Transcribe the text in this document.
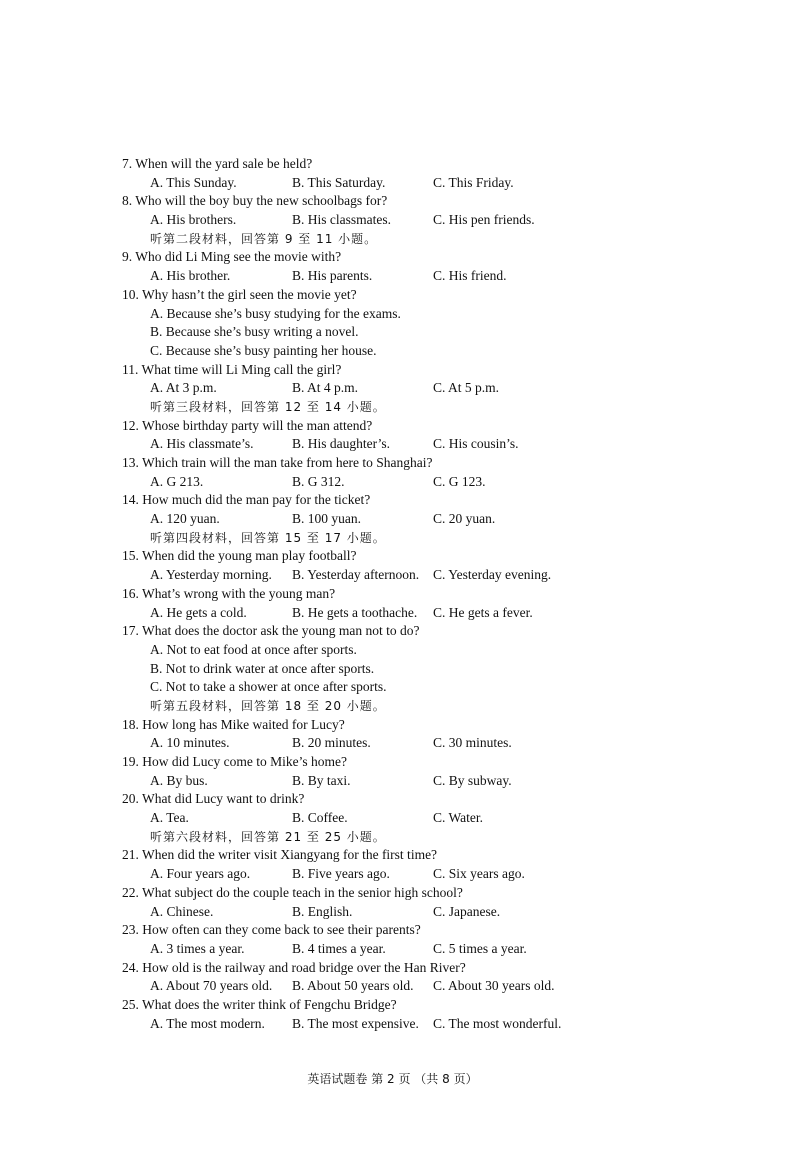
7. When will the yard sale be held?
A. This Sunday.	B. This Saturday.	C. This Friday.
8. Who will the boy buy the new schoolbags for?
A. His brothers.	B. His classmates.	C. His pen friends.
听第二段材料，回答第 9 至 11 小题。
9. Who did Li Ming see the movie with?
A. His brother.	B. His parents.	C. His friend.
10. Why hasn’t the girl seen the movie yet?
A. Because she’s busy studying for the exams.
B. Because she’s busy writing a novel.
C. Because she’s busy painting her house.
11. What time will Li Ming call the girl?
A. At 3 p.m.	B. At 4 p.m.	C. At 5 p.m.
听第三段材料，回答第 12 至 14 小题。
12. Whose birthday party will the man attend?
A. His classmate’s.	B. His daughter’s.	C. His cousin’s.
13. Which train will the man take from here to Shanghai?
A. G 213.	B. G 312.	C. G 123.
14. How much did the man pay for the ticket?
A. 120 yuan.	B. 100 yuan.	C. 20 yuan.
听第四段材料，回答第 15 至 17 小题。
15. When did the young man play football?
A. Yesterday morning. B. Yesterday afternoon. C. Yesterday evening.
16. What’s wrong with the young man?
A. He gets a cold.	B. He gets a toothache. C. He gets a fever.
17. What does the doctor ask the young man not to do?
A. Not to eat food at once after sports.
B. Not to drink water at once after sports.
C. Not to take a shower at once after sports.
听第五段材料，回答第 18 至 20 小题。
18. How long has Mike waited for Lucy?
A. 10 minutes.	B. 20 minutes.	C. 30 minutes.
19. How did Lucy come to Mike’s home?
A. By bus.	B. By taxi.	C. By subway.
20. What did Lucy want to drink?
A. Tea.	B. Coffee.	C. Water.
听第六段材料，回答第 21 至 25 小题。
21. When did the writer visit Xiangyang for the first time?
A. Four years ago.	B. Five years ago.	C. Six years ago.
22. What subject do the couple teach in the senior high school?
A. Chinese.	B. English.	C. Japanese.
23. How often can they come back to see their parents?
A. 3 times a year.	B. 4 times a year.	C. 5 times a year.
24. How old is the railway and road bridge over the Han River?
A. About 70 years old. B. About 50 years old. C. About 30 years old.
25. What does the writer think of Fengchu Bridge?
A. The most modern. B. The most expensive. C. The most wonderful.
英语试题卷 第 2 页 （共 8 页）
